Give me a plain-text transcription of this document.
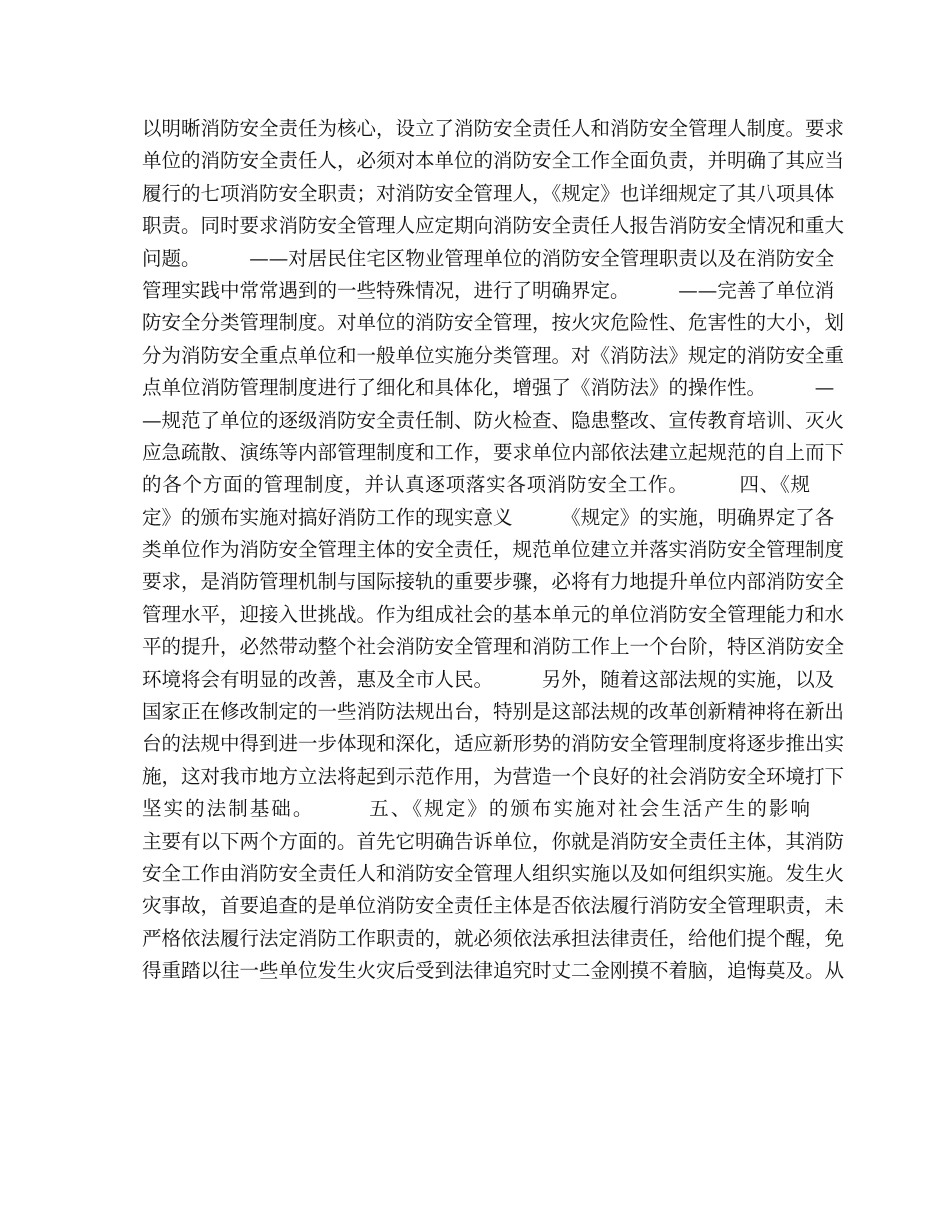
以明晰消防安全责任为核心，设立了消防安全责任人和消防安全管理人制度。要求
单位的消防安全责任人，必须对本单位的消防安全工作全面负责，并明确了其应当
履行的七项消防安全职责；对消防安全管理人，《规定》也详细规定了其八项具体
职责。同时要求消防安全管理人应定期向消防安全责任人报告消防安全情况和重大
问题。　　　——对居民住宅区物业管理单位的消防安全管理职责以及在消防安全
管理实践中常常遇到的一些特殊情况，进行了明确界定。　　　——完善了单位消
防安全分类管理制度。对单位的消防安全管理，按火灾危险性、危害性的大小，划
分为消防安全重点单位和一般单位实施分类管理。对《消防法》规定的消防安全重
点单位消防管理制度进行了细化和具体化，增强了《消防法》的操作性。　　　—
—规范了单位的逐级消防安全责任制、防火检查、隐患整改、宣传教育培训、灭火
应急疏散、演练等内部管理制度和工作，要求单位内部依法建立起规范的自上而下
的各个方面的管理制度，并认真逐项落实各项消防安全工作。　　　四、《规
定》的颁布实施对搞好消防工作的现实意义　　　《规定》的实施，明确界定了各
类单位作为消防安全管理主体的安全责任，规范单位建立并落实消防安全管理制度
要求，是消防管理机制与国际接轨的重要步骤，必将有力地提升单位内部消防安全
管理水平，迎接入世挑战。作为组成社会的基本单元的单位消防安全管理能力和水
平的提升，必然带动整个社会消防安全管理和消防工作上一个台阶，特区消防安全
环境将会有明显的改善，惠及全市人民。　　　另外，随着这部法规的实施，以及
国家正在修改制定的一些消防法规出台，特别是这部法规的改革创新精神将在新出
台的法规中得到进一步体现和深化，适应新形势的消防安全管理制度将逐步推出实
施，这对我市地方立法将起到示范作用，为营造一个良好的社会消防安全环境打下
坚实的法制基础。　　　五、《规定》的颁布实施对社会生活产生的影响
主要有以下两个方面的。首先它明确告诉单位，你就是消防安全责任主体，其消防
安全工作由消防安全责任人和消防安全管理人组织实施以及如何组织实施。发生火
灾事故，首要追查的是单位消防安全责任主体是否依法履行消防安全管理职责，未
严格依法履行法定消防工作职责的，就必须依法承担法律责任，给他们提个醒，免
得重踏以往一些单位发生火灾后受到法律追究时丈二金刚摸不着脑，追悔莫及。从
